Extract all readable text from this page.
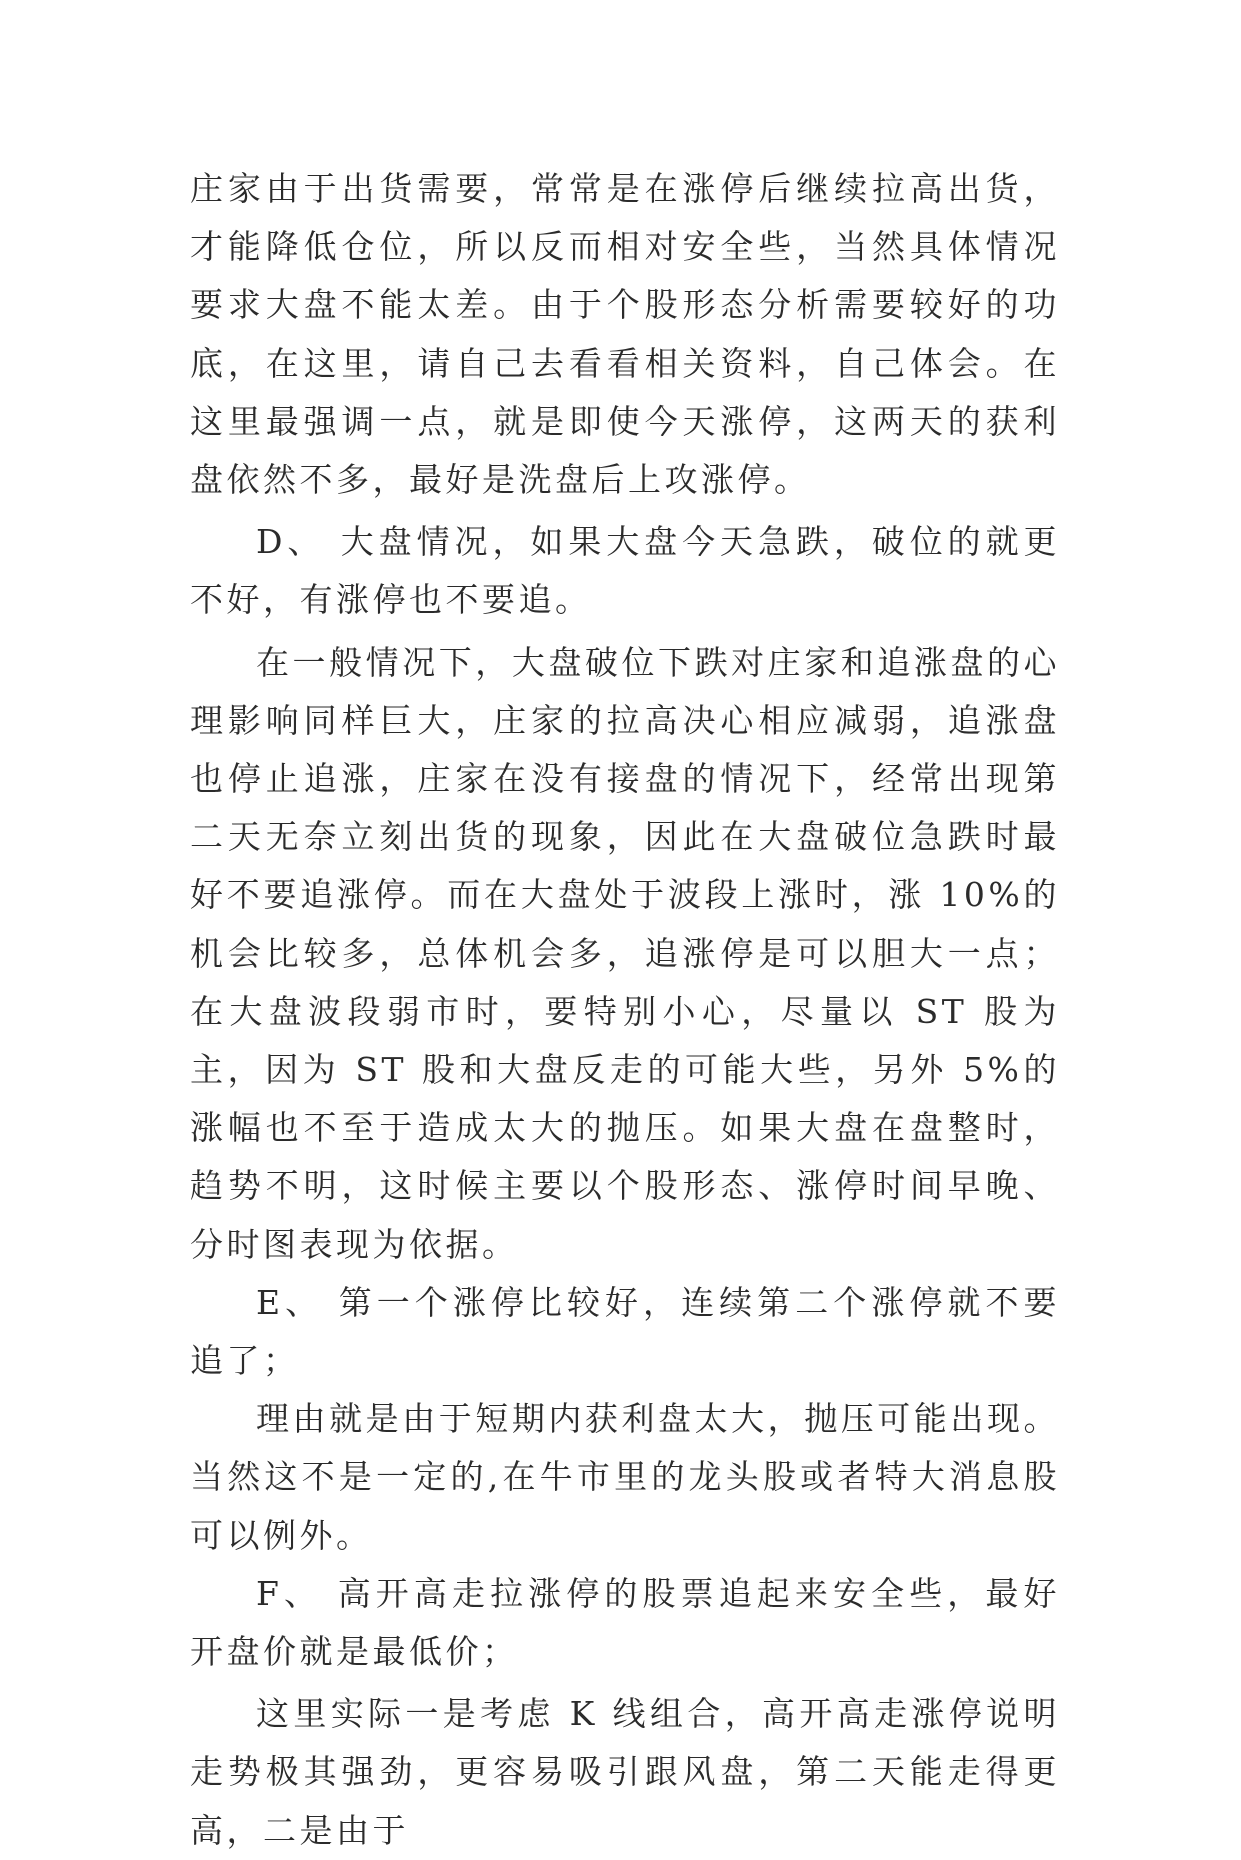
庄家由于出货需要，常常是在涨停后继续拉高出货，才能降低仓位，所以反而相对安全些，当然具体情况要求大盘不能太差。由于个股形态分析需要较好的功底，在这里，请自己去看看相关资料，自己体会。在这里最强调一点，就是即使今天涨停，这两天的获利盘依然不多，最好是洗盘后上攻涨停。

D、 大盘情况，如果大盘今天急跌，破位的就更不好，有涨停也不要追。

在一般情况下，大盘破位下跌对庄家和追涨盘的心理影响同样巨大，庄家的拉高决心相应减弱，追涨盘也停止追涨，庄家在没有接盘的情况下，经常出现第二天无奈立刻出货的现象，因此在大盘破位急跌时最好不要追涨停。而在大盘处于波段上涨时，涨 10%的机会比较多，总体机会多，追涨停是可以胆大一点；在大盘波段弱市时，要特别小心，尽量以 ST 股为主，因为 ST 股和大盘反走的可能大些，另外 5%的涨幅也不至于造成太大的抛压。如果大盘在盘整时，趋势不明，这时候主要以个股形态、涨停时间早晚、分时图表现为依据。

E、 第一个涨停比较好，连续第二个涨停就不要追了；

理由就是由于短期内获利盘太大，抛压可能出现。当然这不是一定的,在牛市里的龙头股或者特大消息股可以例外。

F、 高开高走拉涨停的股票追起来安全些，最好开盘价就是最低价；

这里实际一是考虑 K 线组合，高开高走涨停说明走势极其强劲，更容易吸引跟风盘，第二天能走得更高，二是由于
